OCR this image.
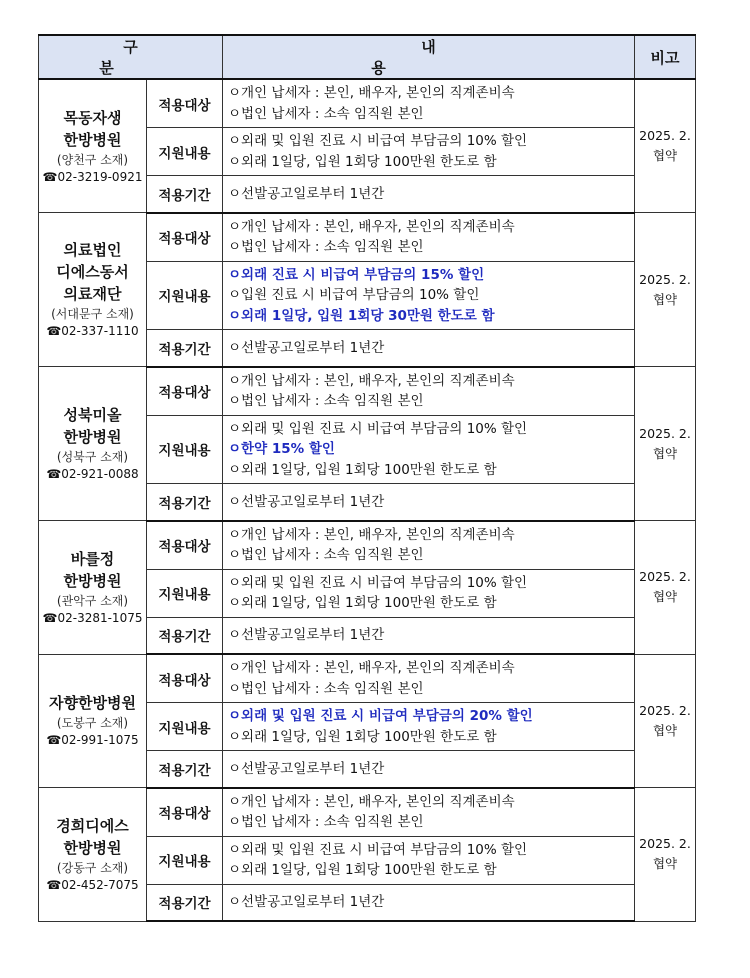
구 분		내 용	비고

목동자생
한방병원
(양천구 소재)
☎02-3219-0921	적용대상	ㅇ개인 납세자 : 본인, 배우자, 본인의 직계존비속
ㅇ법인 납세자 : 소속 임직원 본인	2025. 2.
협약

	지원내용	ㅇ외래 및 입원 진료 시 비급여 부담금의 10% 할인
ㅇ외래 1일당, 입원 1회당 100만원 한도로 함	

	적용기간	ㅇ선발공고일로부터 1년간	

의료법인
디에스동서
의료재단
(서대문구 소재)
☎02-337-1110	적용대상	ㅇ개인 납세자 : 본인, 배우자, 본인의 직계존비속
ㅇ법인 납세자 : 소속 임직원 본인	2025. 2.
협약

	지원내용	ㅇ외래 진료 시 비급여 부담금의 15% 할인
ㅇ입원 진료 시 비급여 부담금의 10% 할인
ㅇ외래 1일당, 입원 1회당 30만원 한도로 함	

	적용기간	ㅇ선발공고일로부터 1년간	

성북미올
한방병원
(성북구 소재)
☎02-921-0088	적용대상	ㅇ개인 납세자 : 본인, 배우자, 본인의 직계존비속
ㅇ법인 납세자 : 소속 임직원 본인	2025. 2.
협약

	지원내용	ㅇ외래 및 입원 진료 시 비급여 부담금의 10% 할인
ㅇ한약 15% 할인
ㅇ외래 1일당, 입원 1회당 100만원 한도로 함	

	적용기간	ㅇ선발공고일로부터 1년간	

바를정
한방병원
(관악구 소재)
☎02-3281-1075	적용대상	ㅇ개인 납세자 : 본인, 배우자, 본인의 직계존비속
ㅇ법인 납세자 : 소속 임직원 본인	2025. 2.
협약

	지원내용	ㅇ외래 및 입원 진료 시 비급여 부담금의 10% 할인
ㅇ외래 1일당, 입원 1회당 100만원 한도로 함	

	적용기간	ㅇ선발공고일로부터 1년간	

자향한방병원
(도봉구 소재)
☎02-991-1075	적용대상	ㅇ개인 납세자 : 본인, 배우자, 본인의 직계존비속
ㅇ법인 납세자 : 소속 임직원 본인	2025. 2.
협약

	지원내용	ㅇ외래 및 입원 진료 시 비급여 부담금의 20% 할인
ㅇ외래 1일당, 입원 1회당 100만원 한도로 함	

	적용기간	ㅇ선발공고일로부터 1년간	

경희디에스
한방병원
(강동구 소재)
☎02-452-7075	적용대상	ㅇ개인 납세자 : 본인, 배우자, 본인의 직계존비속
ㅇ법인 납세자 : 소속 임직원 본인	2025. 2.
협약

	지원내용	ㅇ외래 및 입원 진료 시 비급여 부담금의 10% 할인
ㅇ외래 1일당, 입원 1회당 100만원 한도로 함	

	적용기간	ㅇ선발공고일로부터 1년간	
